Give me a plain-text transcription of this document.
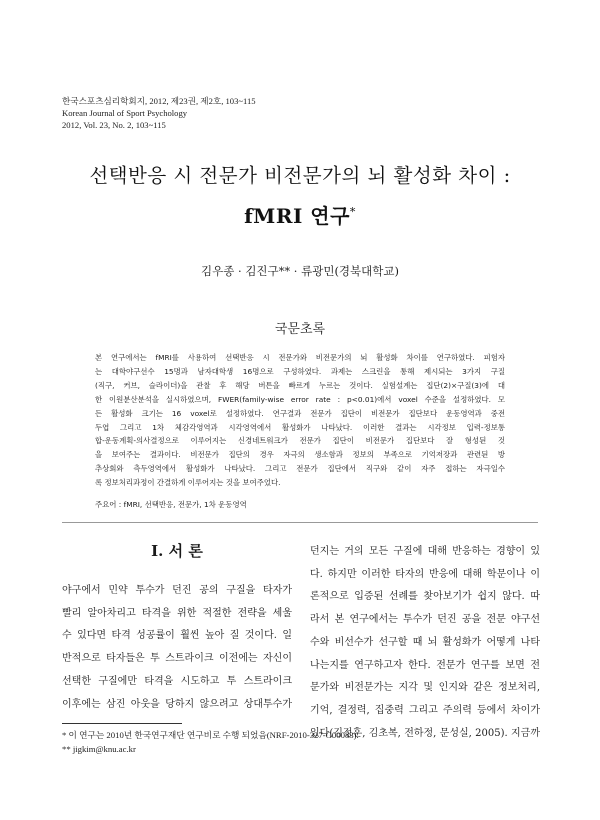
한국스포츠심리학회지, 2012, 제23권, 제2호, 103~115
Korean Journal of Sport Psychology
2012, Vol. 23, No. 2, 103~115
선택반응 시 전문가 비전문가의 뇌 활성화 차이 :
fMRI 연구*
김우종 · 김진구** · 류광민(경북대학교)
국문초록
본 연구에서는 fMRI를 사용하여 선택반응 시 전문가와 비전문가의 뇌 활성화 차이를 연구하였다. 피험자
는 대학야구선수 15명과 남자대학생 16명으로 구성하였다. 과제는 스크린을 통해 제시되는 3가지 구질
(직구, 커브, 슬라이더)을 관찰 후 해당 버튼을 빠르게 누르는 것이다. 실험설계는 집단(2)×구질(3)에 대
한 이원분산분석을 실시하였으며, FWER(family-wise error rate : p<0.01)에서 voxel 수준을 설정하였다. 모
든 활성화 크기는 16 voxel로 설정하였다. 연구결과 전문가 집단이 비전문가 집단보다 운동영역과 중전
두엽 그리고 1차 체감각영역과 시각영역에서 활성화가 나타났다. 이러한 결과는 시각정보 입력-정보통
합-운동계획-의사결정으로 이루어지는 신경네트워크가 전문가 집단이 비전문가 집단보다 잘 형성된 것
을 보여주는 결과이다. 비전문가 집단의 경우 자극의 생소함과 정보의 부족으로 기억저장과 관련된 방
추상회와 측두영역에서 활성화가 나타났다. 그리고 전문가 집단에서 직구와 같이 자주 접하는 자극일수
록 정보처리과정이 간결하게 이루어지는 것을 보여주었다.
주요어 : fMRI, 선택반응, 전문가, 1차 운동영역
I. 서 론
야구에서 민약 투수가 던진 공의 구질을 타자가
빨리 알아차리고 타격을 위한 적절한 전략을 세울
수 있다면 타격 성공률이 훨씬 높아 질 것이다. 일
반적으로 타자들은 투 스트라이크 이전에는 자신이
선택한 구질에만 타격을 시도하고 투 스트라이크
이후에는 삼진 아웃을 당하지 않으려고 상대투수가
던지는 거의 모든 구질에 대해 반응하는 경향이 있
다. 하지만 이러한 타자의 반응에 대해 학문이나 이
론적으로 입증된 선례를 찾아보기가 쉽지 않다. 따
라서 본 연구에서는 투수가 던진 공을 전문 야구선
수와 비선수가 선구할 때 뇌 활성화가 어떻게 나타
나는지를 연구하고자 한다. 전문가 연구를 보면 전
문가와 비전문가는 지각 및 인지와 같은 정보처리,
기억, 결정력, 집중력 그리고 주의력 등에서 차이가
있다(김정훈, 김초복, 전하정, 문성실, 2005). 지금까
* 이 연구는 2010년 한국연구재단 연구비로 수행 되었음(NRF-2010-327-G00083).
** jigkim@knu.ac.kr
